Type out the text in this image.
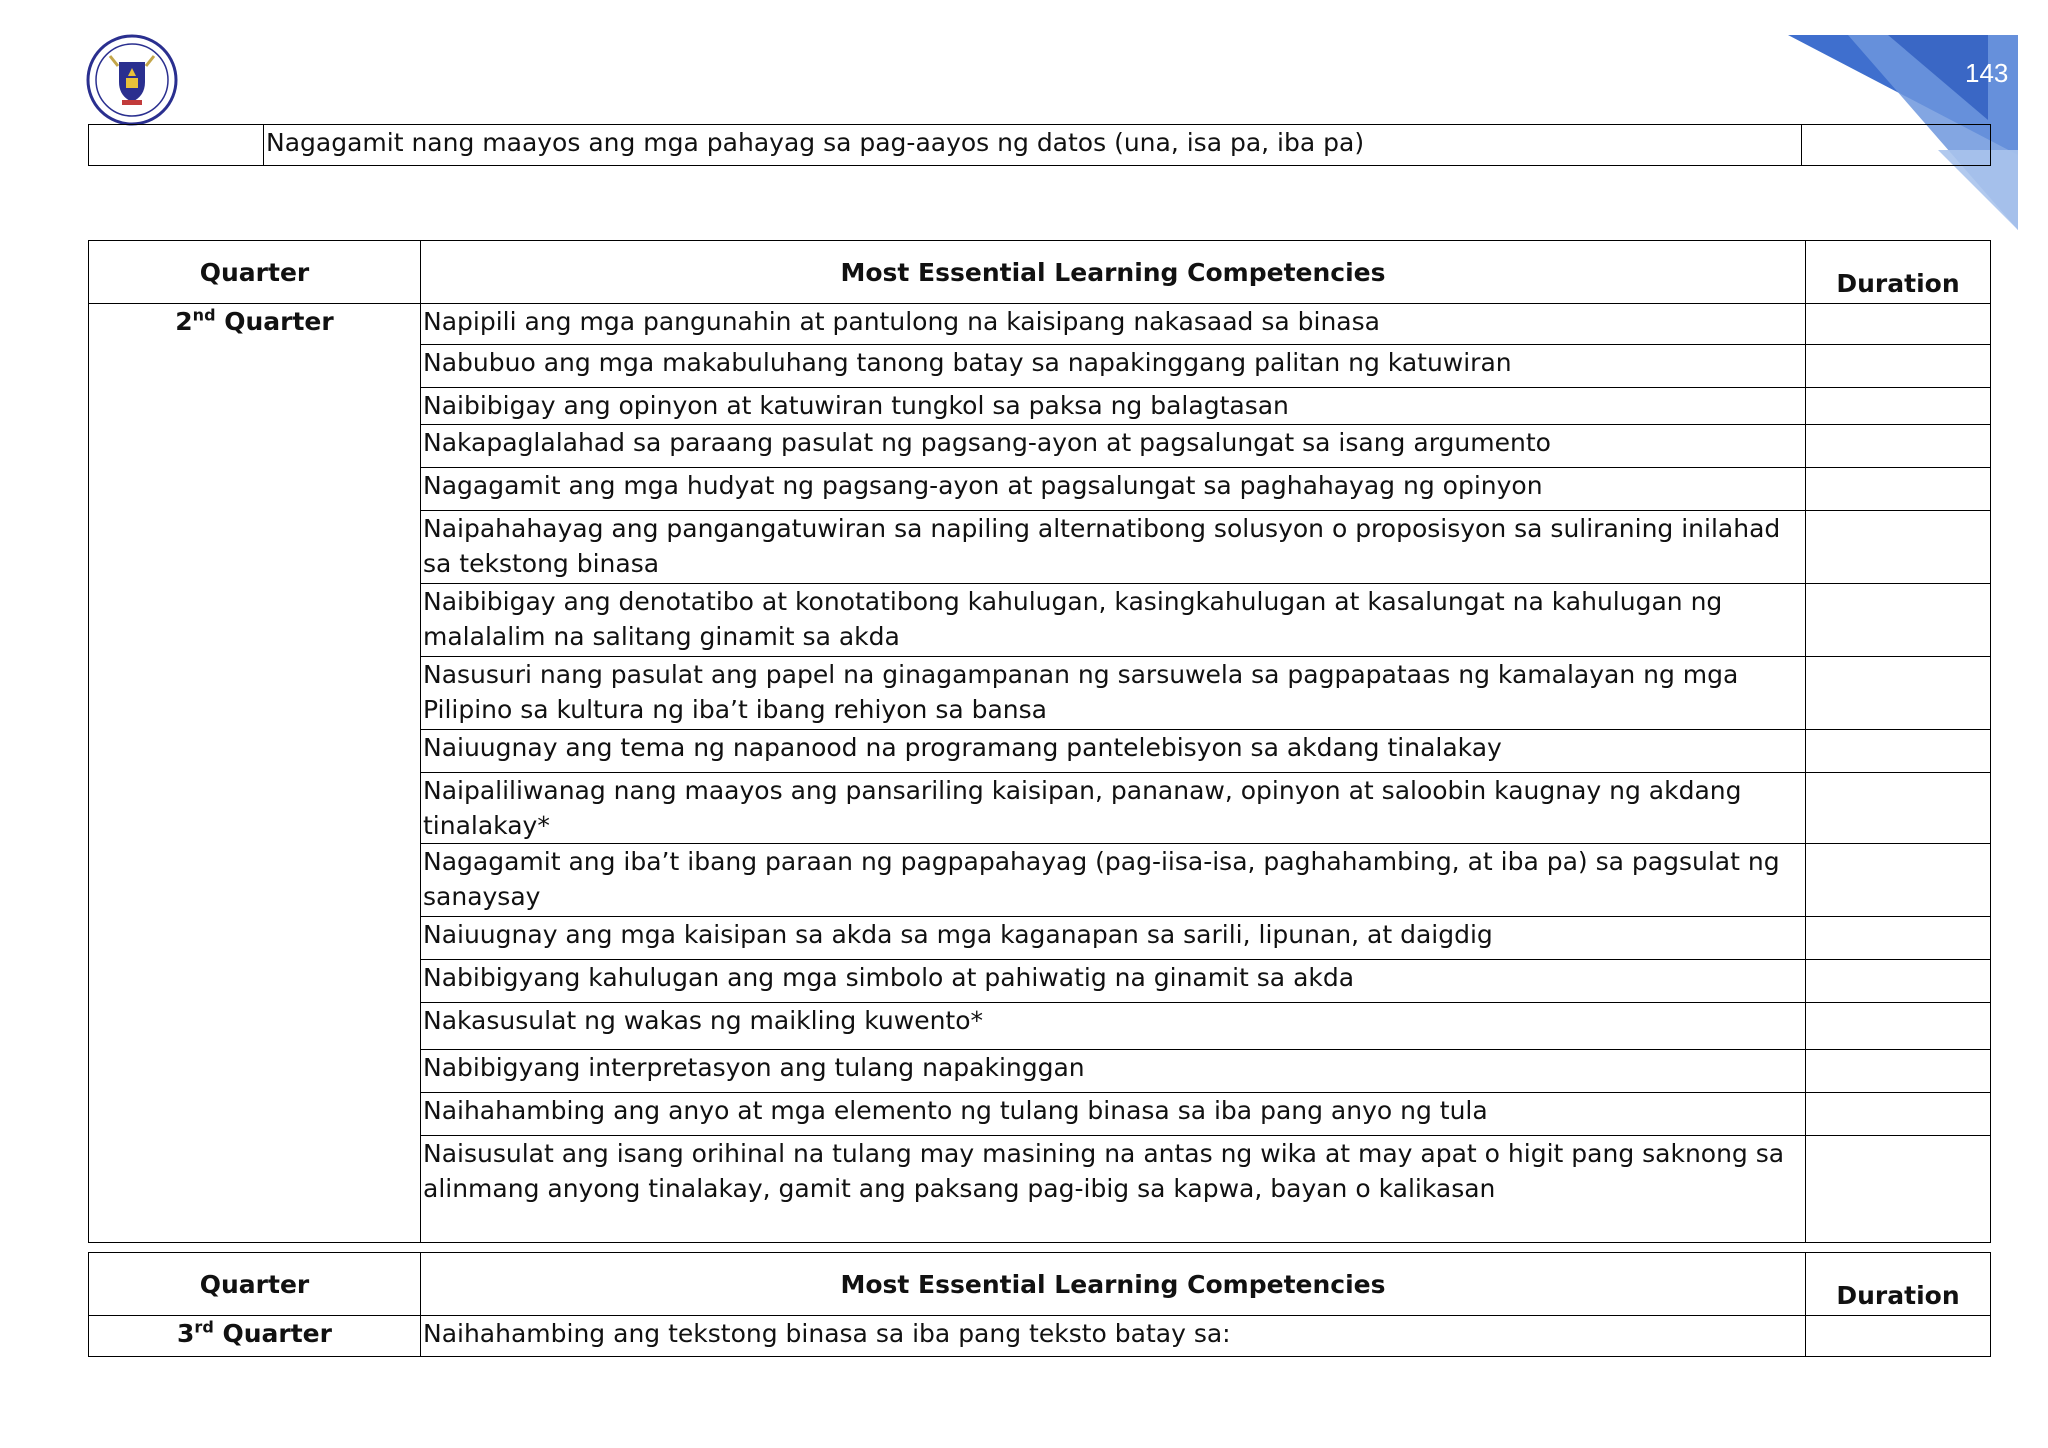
143
	Nagagamit nang maayos ang mga pahayag sa pag-aayos ng datos (una, isa pa, iba pa)	
Quarter	Most Essential Learning Competencies	Duration
2nd Quarter	Napipili ang mga pangunahin at pantulong na kaisipang nakasaad sa binasa	
	Nabubuo ang mga makabuluhang tanong batay sa napakinggang palitan ng katuwiran	
	Naibibigay ang opinyon at katuwiran tungkol sa paksa ng balagtasan	
	Nakapaglalahad sa paraang pasulat ng pagsang-ayon at pagsalungat sa isang argumento	
	Nagagamit ang mga hudyat ng pagsang-ayon at pagsalungat sa paghahayag ng opinyon	
	Naipahahayag ang pangangatuwiran sa napiling alternatibong solusyon o proposisyon sa suliraning inilahad sa tekstong binasa	
	Naibibigay ang denotatibo at konotatibong kahulugan, kasingkahulugan at kasalungat na kahulugan ng malalalim na salitang ginamit sa akda	
	Nasusuri nang pasulat ang papel na ginagampanan ng sarsuwela sa pagpapataas ng kamalayan ng mga Pilipino sa kultura ng iba’t ibang rehiyon sa bansa	
	Naiuugnay ang tema ng napanood na programang pantelebisyon sa akdang tinalakay	
	Naipaliliwanag nang maayos ang pansariling kaisipan, pananaw, opinyon at saloobin kaugnay ng akdang tinalakay*	
	Nagagamit ang iba’t ibang paraan ng pagpapahayag (pag-iisa-isa, paghahambing, at iba pa) sa pagsulat ng sanaysay	
	Naiuugnay ang mga kaisipan sa akda sa mga kaganapan sa sarili, lipunan, at daigdig	
	Nabibigyang kahulugan ang mga simbolo at pahiwatig na ginamit sa akda	
	Nakasusulat ng wakas ng maikling kuwento*	
	Nabibigyang interpretasyon ang tulang napakinggan	
	Naihahambing ang anyo at mga elemento ng tulang binasa sa iba pang anyo ng tula	
	Naisusulat ang isang orihinal na tulang may masining na antas ng wika at may apat o higit pang saknong sa alinmang anyong tinalakay, gamit ang paksang pag-ibig sa kapwa, bayan o kalikasan	
Quarter	Most Essential Learning Competencies	Duration
3rd Quarter	Naihahambing ang tekstong binasa sa iba pang teksto batay sa:	
